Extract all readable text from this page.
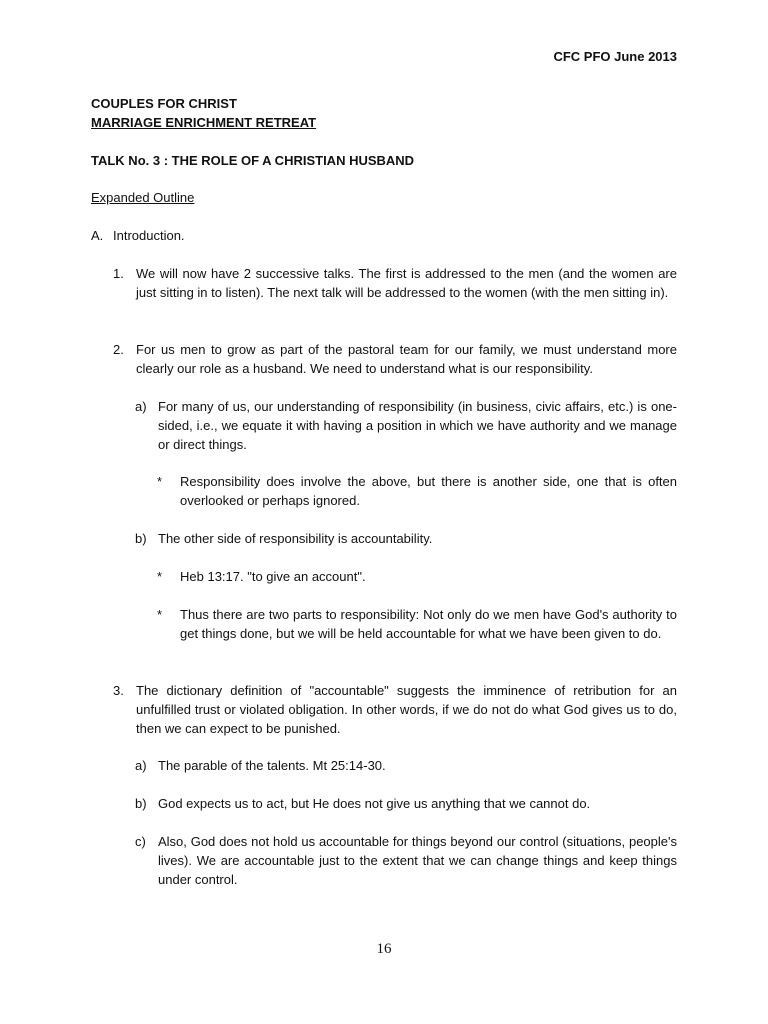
CFC PFO June 2013
COUPLES FOR CHRIST
MARRIAGE ENRICHMENT RETREAT
TALK No. 3 : THE ROLE OF A CHRISTIAN HUSBAND
Expanded Outline
A. Introduction.
1. We will now have 2 successive talks. The first is addressed to the men (and the women are just sitting in to listen). The next talk will be addressed to the women (with the men sitting in).
2. For us men to grow as part of the pastoral team for our family, we must understand more clearly our role as a husband. We need to understand what is our responsibility.
a) For many of us, our understanding of responsibility (in business, civic affairs, etc.) is one-sided, i.e., we equate it with having a position in which we have authority and we manage or direct things.
* Responsibility does involve the above, but there is another side, one that is often overlooked or perhaps ignored.
b) The other side of responsibility is accountability.
* Heb 13:17. "to give an account".
* Thus there are two parts to responsibility: Not only do we men have God's authority to get things done, but we will be held accountable for what we have been given to do.
3. The dictionary definition of "accountable" suggests the imminence of retribution for an unfulfilled trust or violated obligation. In other words, if we do not do what God gives us to do, then we can expect to be punished.
a) The parable of the talents. Mt 25:14-30.
b) God expects us to act, but He does not give us anything that we cannot do.
c) Also, God does not hold us accountable for things beyond our control (situations, people's lives). We are accountable just to the extent that we can change things and keep things under control.
16
